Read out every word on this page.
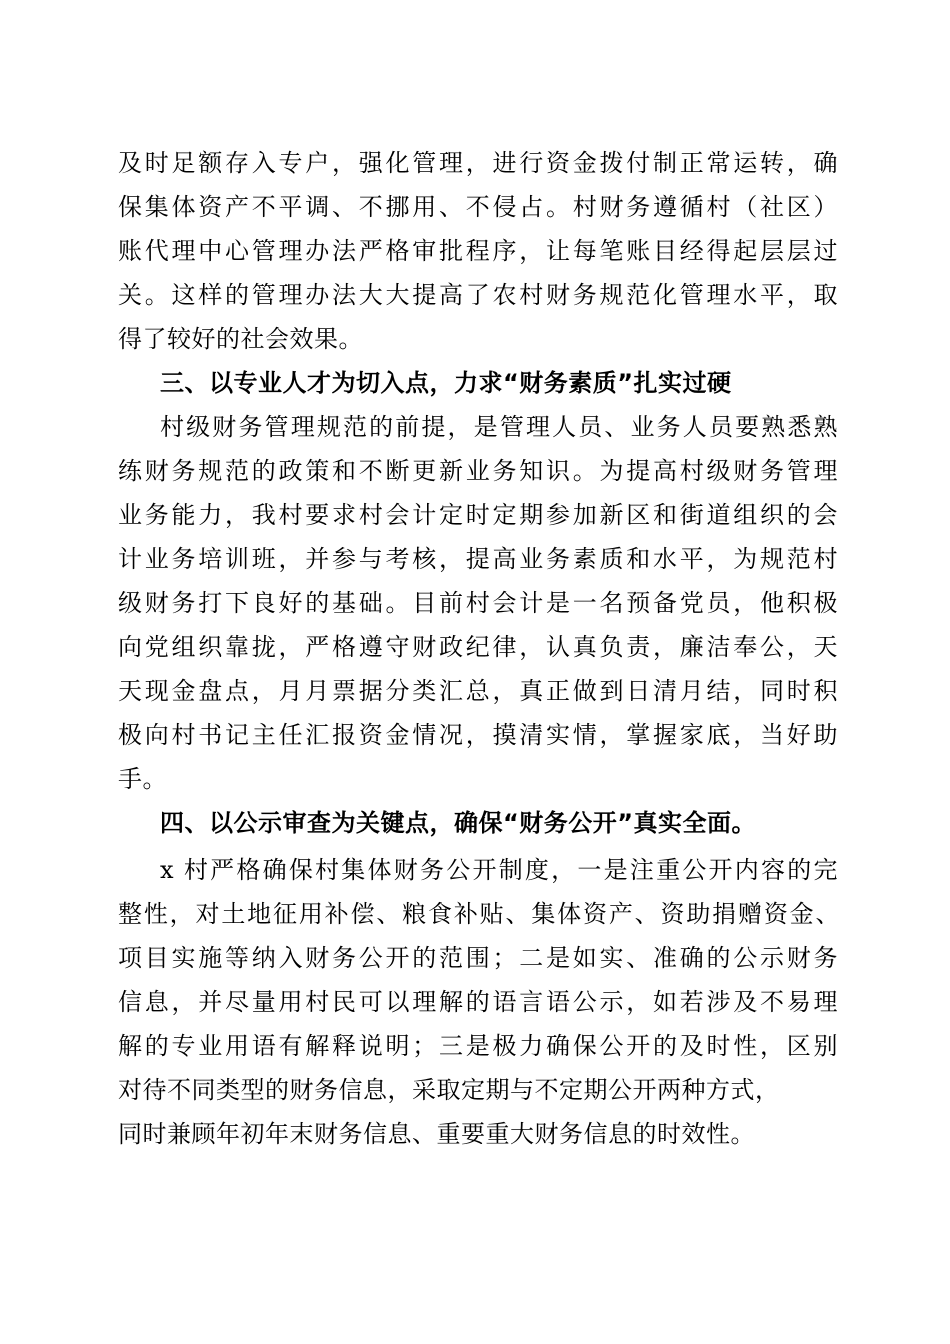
及时足额存入专户，强化管理，进行资金拨付制正常运转，确
保集体资产不平调、不挪用、不侵占。村财务遵循村（社区）
账代理中心管理办法严格审批程序，让每笔账目经得起层层过
关。这样的管理办法大大提高了农村财务规范化管理水平，取
得了较好的社会效果。
三、以专业人才为切入点，力求“财务素质”扎实过硬
村级财务管理规范的前提，是管理人员、业务人员要熟悉熟
练财务规范的政策和不断更新业务知识。为提高村级财务管理
业务能力，我村要求村会计定时定期参加新区和街道组织的会
计业务培训班，并参与考核，提高业务素质和水平，为规范村
级财务打下良好的基础。目前村会计是一名预备党员，他积极
向党组织靠拢，严格遵守财政纪律，认真负责，廉洁奉公，天
天现金盘点，月月票据分类汇总，真正做到日清月结，同时积
极向村书记主任汇报资金情况，摸清实情，掌握家底，当好助
手。
四、以公示审查为关键点，确保“财务公开”真实全面。
x 村严格确保村集体财务公开制度，一是注重公开内容的完
整性，对土地征用补偿、粮食补贴、集体资产、资助捐赠资金、
项目实施等纳入财务公开的范围；二是如实、准确的公示财务
信息，并尽量用村民可以理解的语言语公示，如若涉及不易理
解的专业用语有解释说明；三是极力确保公开的及时性，区别
对待不同类型的财务信息，采取定期与不定期公开两种方式，
同时兼顾年初年末财务信息、重要重大财务信息的时效性。
